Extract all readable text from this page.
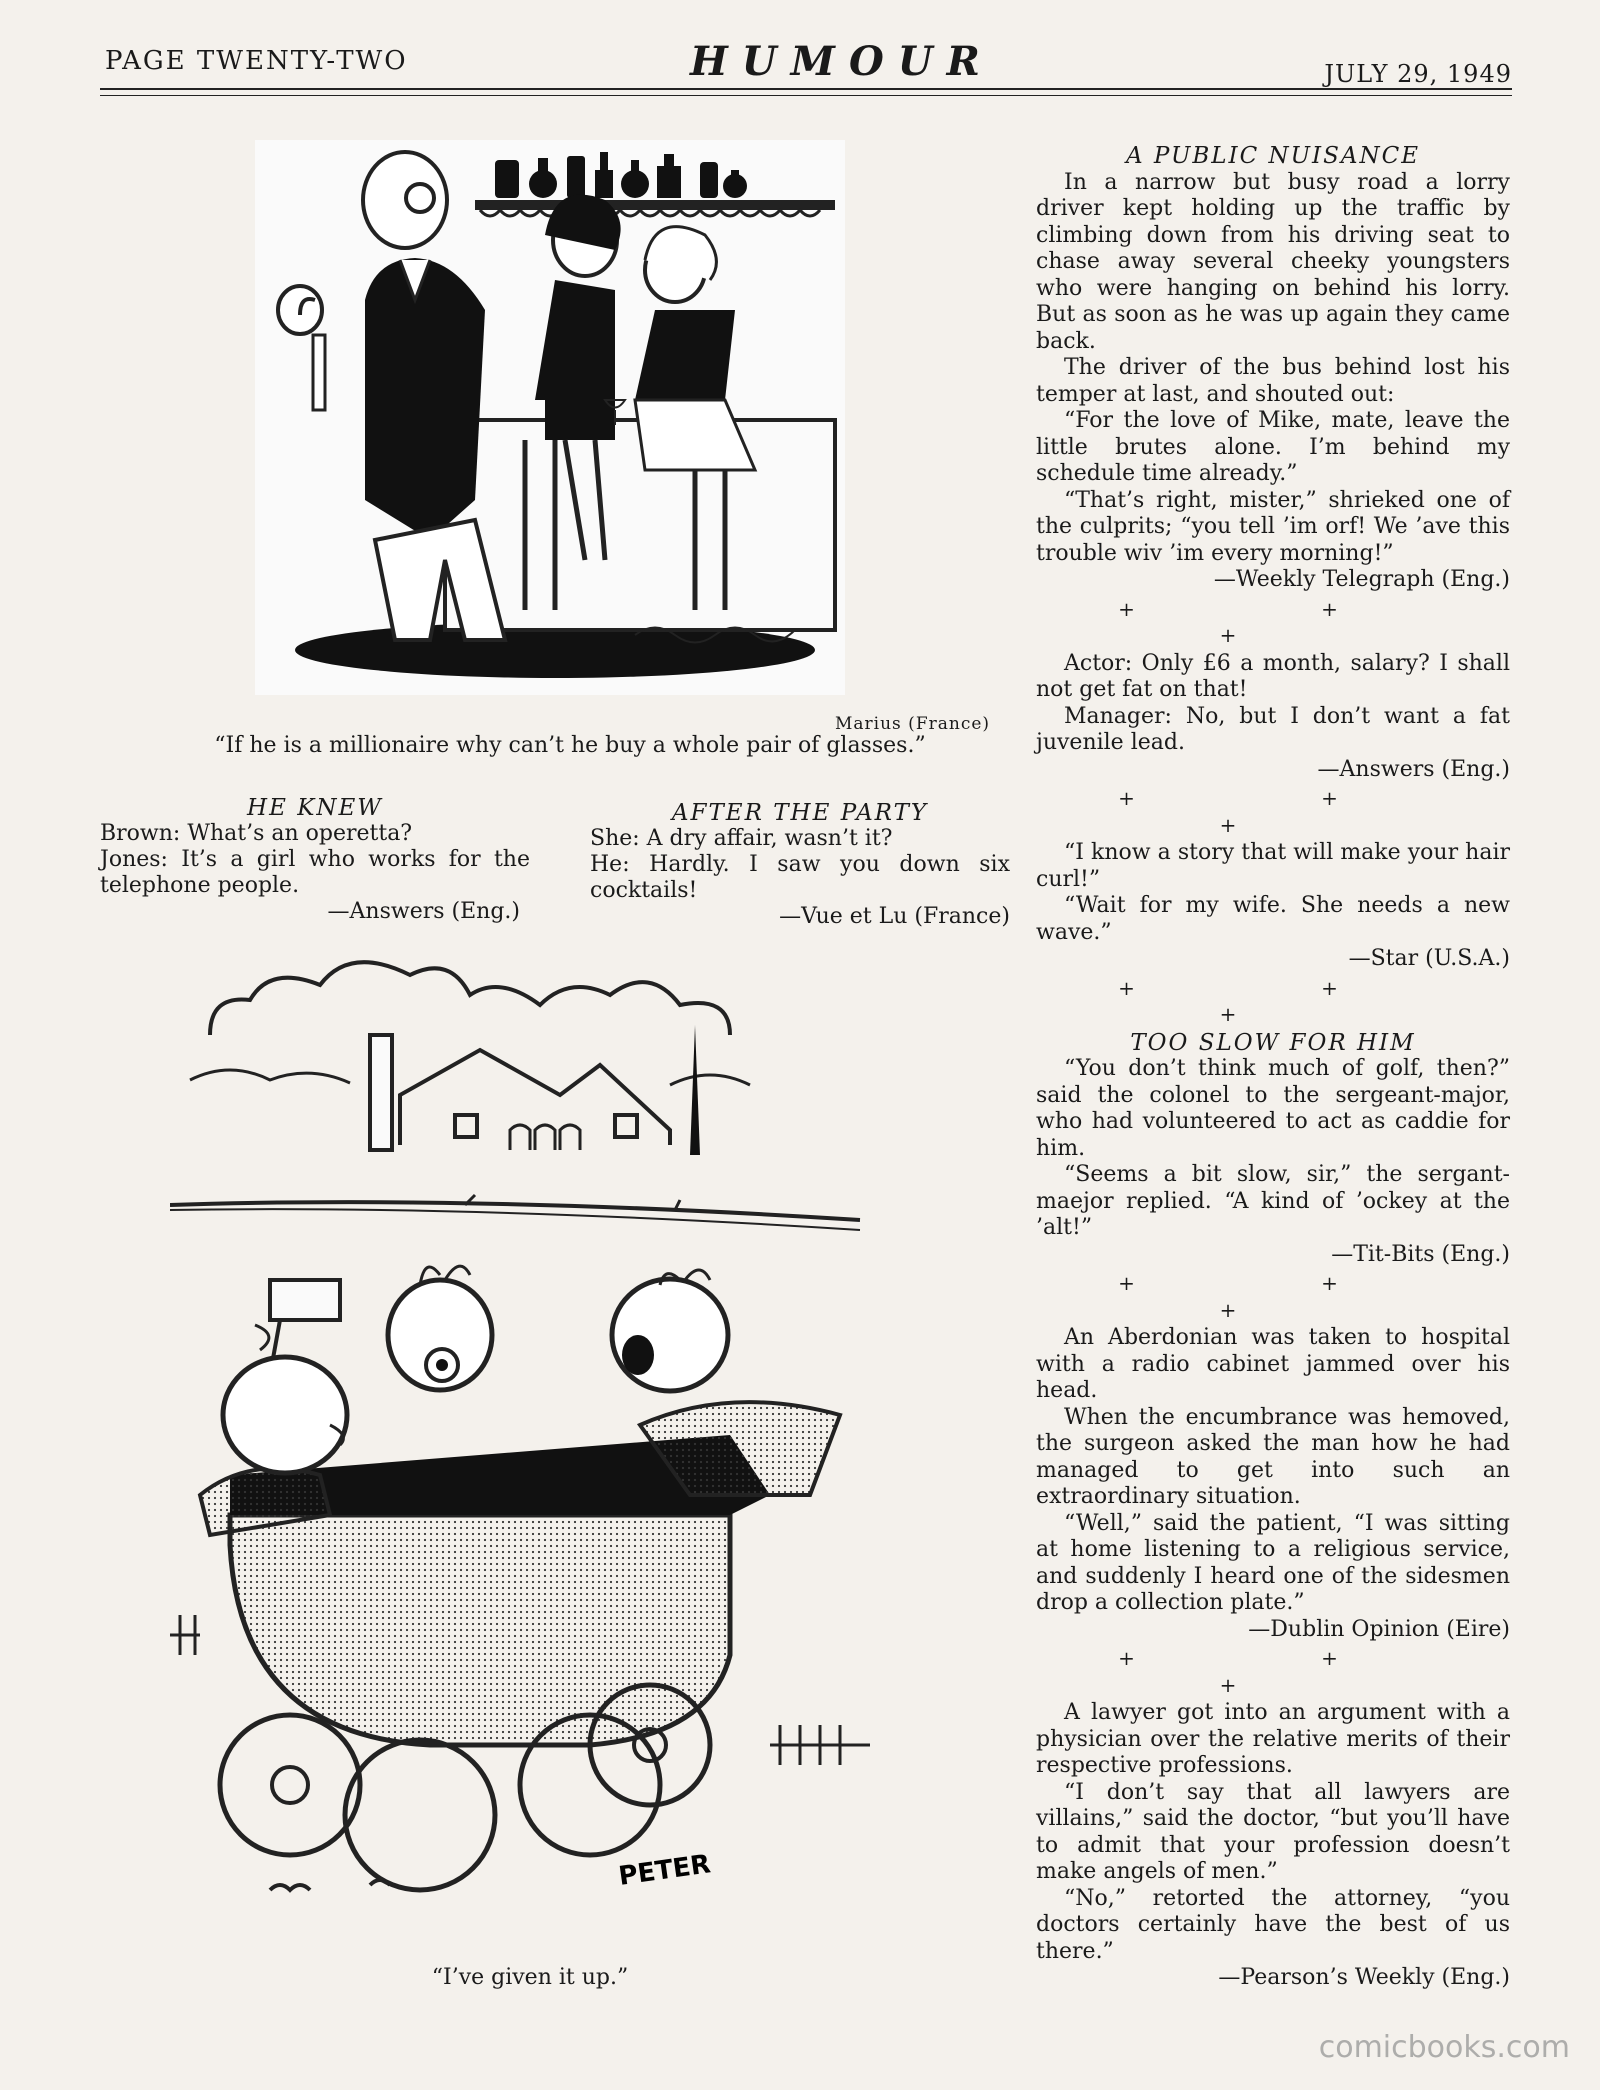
PAGE TWENTY-TWO	HUMOUR	JULY 29, 1949
Marius (France)
“If he is a millionaire why can’t he buy a whole pair of glasses.”
HE KNEW

Brown: What’s an operetta?

Jones: It’s a girl who works for the telephone people.

—Answers (Eng.)

AFTER THE PARTY

She: A dry affair, wasn’t it?

He: Hardly. I saw you down six cocktails!

—Vue et Lu (France)

PETER
“I’ve given it up.”
A PUBLIC NUISANCE

In a narrow but busy road a lorry driver kept holding up the traffic by climbing down from his driving seat to chase away several cheeky youngsters who were hanging on behind his lorry. But as soon as he was up again they came back.

The driver of the bus behind lost his temper at last, and shouted out:

“For the love of Mike, mate, leave the little brutes alone. I’m behind my schedule time already.”

“That’s right, mister,” shrieked one of the culprits; “you tell ’im orf! We ’ave this trouble wiv ’im every morning!”

—Weekly Telegraph (Eng.)

+ + +

Actor: Only £6 a month, salary? I shall not get fat on that!

Manager: No, but I don’t want a fat juvenile lead.

—Answers (Eng.)

+ + +

“I know a story that will make your hair curl!”

“Wait for my wife. She needs a new wave.”

—Star (U.S.A.)

+ + +
TOO SLOW FOR HIM

“You don’t think much of golf, then?” said the colonel to the sergeant-major, who had volunteered to act as caddie for him.

“Seems a bit slow, sir,” the sergant-maejor replied. “A kind of ’ockey at the ’alt!”

—Tit-Bits (Eng.)

+ + +

An Aberdonian was taken to hospital with a radio cabinet jammed over his head.

When the encumbrance was hemoved, the surgeon asked the man how he had managed to get into such an extraordinary situation.

“Well,” said the patient, “I was sitting at home listening to a religious service, and suddenly I heard one of the sidesmen drop a collection plate.”

—Dublin Opinion (Eire)

+ + +

A lawyer got into an argument with a physician over the relative merits of their respective professions.

“I don’t say that all lawyers are villains,” said the doctor, “but you’ll have to admit that your profession doesn’t make angels of men.”

“No,” retorted the attorney, “you doctors certainly have the best of us there.”

—Pearson’s Weekly (Eng.)

comicbooks.com
